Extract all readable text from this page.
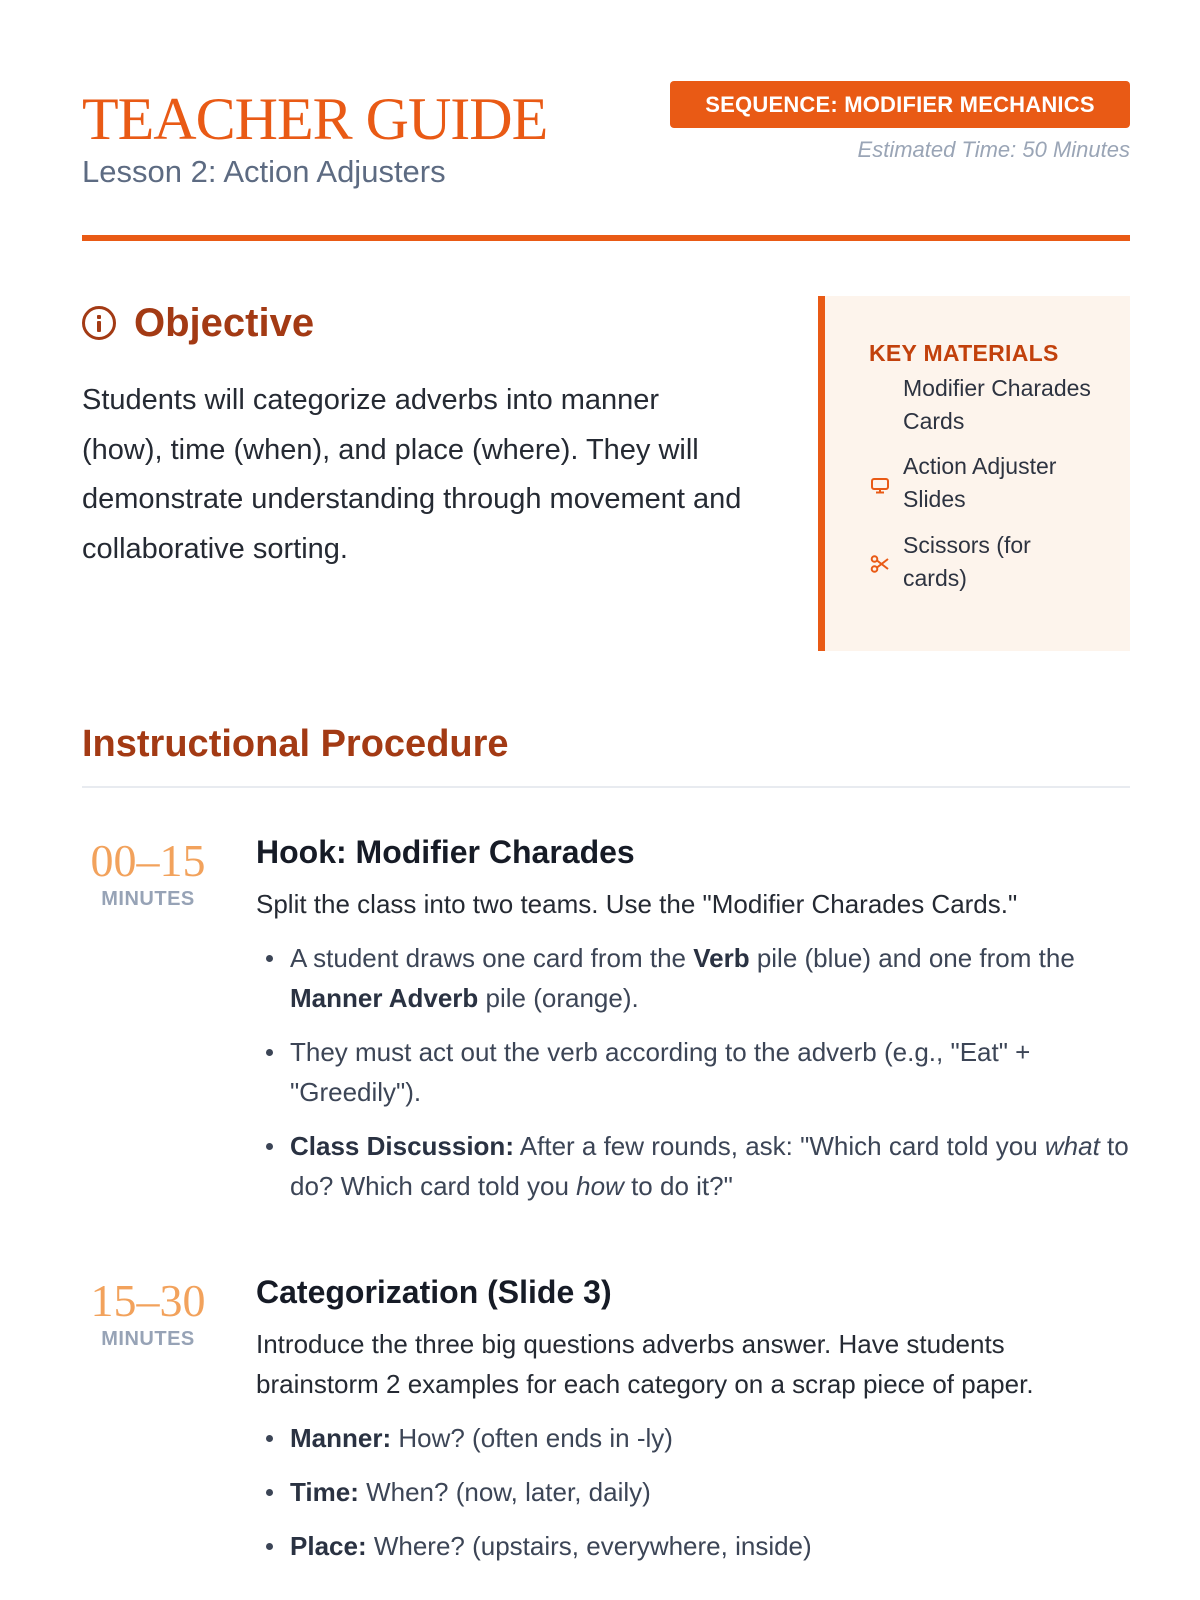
TEACHER GUIDE

Lesson 2: Action Adjusters

SEQUENCE: MODIFIER MECHANICS
Estimated Time: 50 Minutes
Objective

Students will categorize adverbs into manner (how), time (when), and place (where). They will demonstrate understanding through movement and collaborative sorting.

KEY MATERIALS
Modifier Charades Cards
Action Adjuster Slides
Scissors (for cards)
Instructional Procedure
00–15
MINUTES
Hook: Modifier Charades

Split the class into two teams. Use the "Modifier Charades Cards."

A student draws one card from the Verb pile (blue) and one from the Manner Adverb pile (orange).
They must act out the verb according to the adverb (e.g., "Eat" + "Greedily").
Class Discussion: After a few rounds, ask: "Which card told you what to do? Which card told you how to do it?"
15–30
MINUTES
Categorization (Slide 3)

Introduce the three big questions adverbs answer. Have students brainstorm 2 examples for each category on a scrap piece of paper.

Manner: How? (often ends in -ly)
Time: When? (now, later, daily)
Place: Where? (upstairs, everywhere, inside)
